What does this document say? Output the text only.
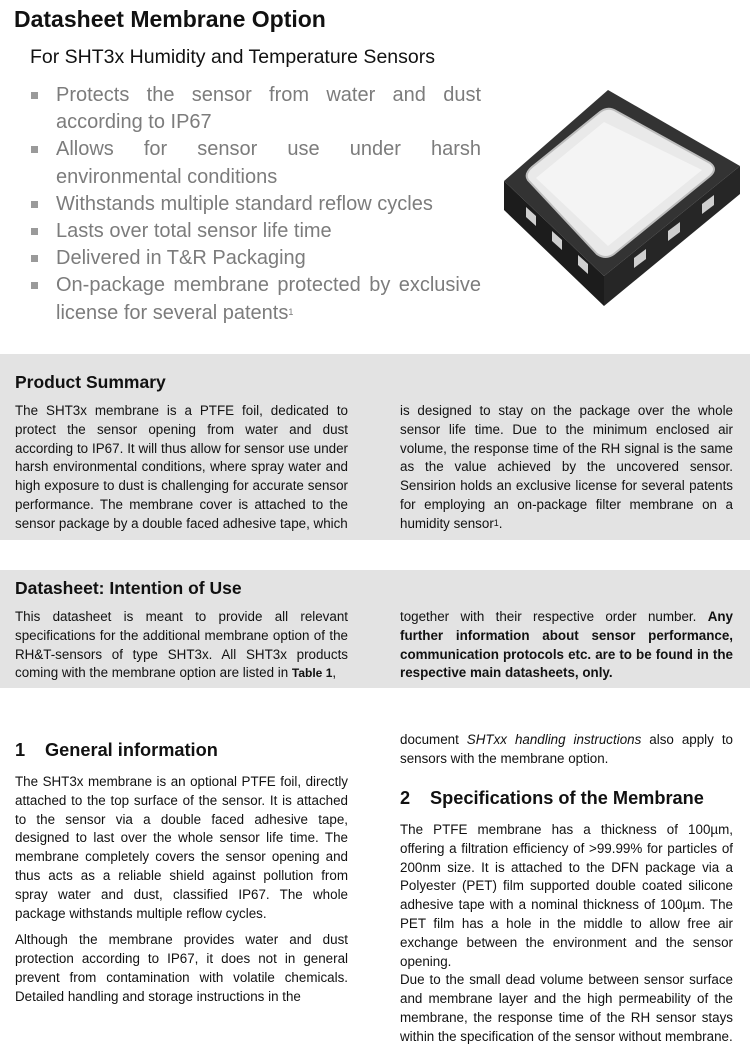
Datasheet Membrane Option
For SHT3x Humidity and Temperature Sensors
Protects the sensor from water and dust according to IP67
Allows for sensor use under harsh environmental conditions
Withstands multiple standard reflow cycles
Lasts over total sensor life time
Delivered in T&R Packaging
On-package membrane protected by exclusive license for several patents$^1$
Product Summary

The SHT3x membrane is a PTFE foil, dedicated to protect the sensor opening from water and dust according to IP67. It will thus allow for sensor use under harsh environmental conditions, where spray water and high exposure to dust is challenging for accurate sensor performance. The membrane cover is attached to the sensor package by a double faced adhesive tape, which

is designed to stay on the package over the whole sensor life time. Due to the minimum enclosed air volume, the response time of the RH signal is the same as the value achieved by the uncovered sensor. Sensirion holds an exclusive license for several patents for employing an on-package filter membrane on a humidity sensor$^1$.

Datasheet: Intention of Use

This datasheet is meant to provide all relevant specifications for the additional membrane option of the RH&T-sensors of type SHT3x. All SHT3x products coming with the membrane option are listed in Table 1,

together with their respective order number. Any further information about sensor performance, communication protocols etc. are to be found in the respective main datasheets, only.

1 General information

The SHT3x membrane is an optional PTFE foil, directly attached to the top surface of the sensor. It is attached to the sensor via a double faced adhesive tape, designed to last over the whole sensor life time. The membrane completely covers the sensor opening and thus acts as a reliable shield against pollution from spray water and dust, classified IP67. The whole package withstands multiple reflow cycles.

Although the membrane provides water and dust protection according to IP67, it does not in general prevent from contamination with volatile chemicals. Detailed handling and storage instructions in the

document SHTxx handling instructions also apply to sensors with the membrane option.

2 Specifications of the Membrane

The PTFE membrane has a thickness of 100µm, offering a filtration efficiency of >99.99% for particles of 200nm size. It is attached to the DFN package via a Polyester (PET) film supported double coated silicone adhesive tape with a nominal thickness of 100µm. The PET film has a hole in the middle to allow free air exchange between the environment and the sensor opening.

Due to the small dead volume between sensor surface and membrane layer and the high permeability of the membrane, the response time of the RH sensor stays within the specification of the sensor without membrane.
